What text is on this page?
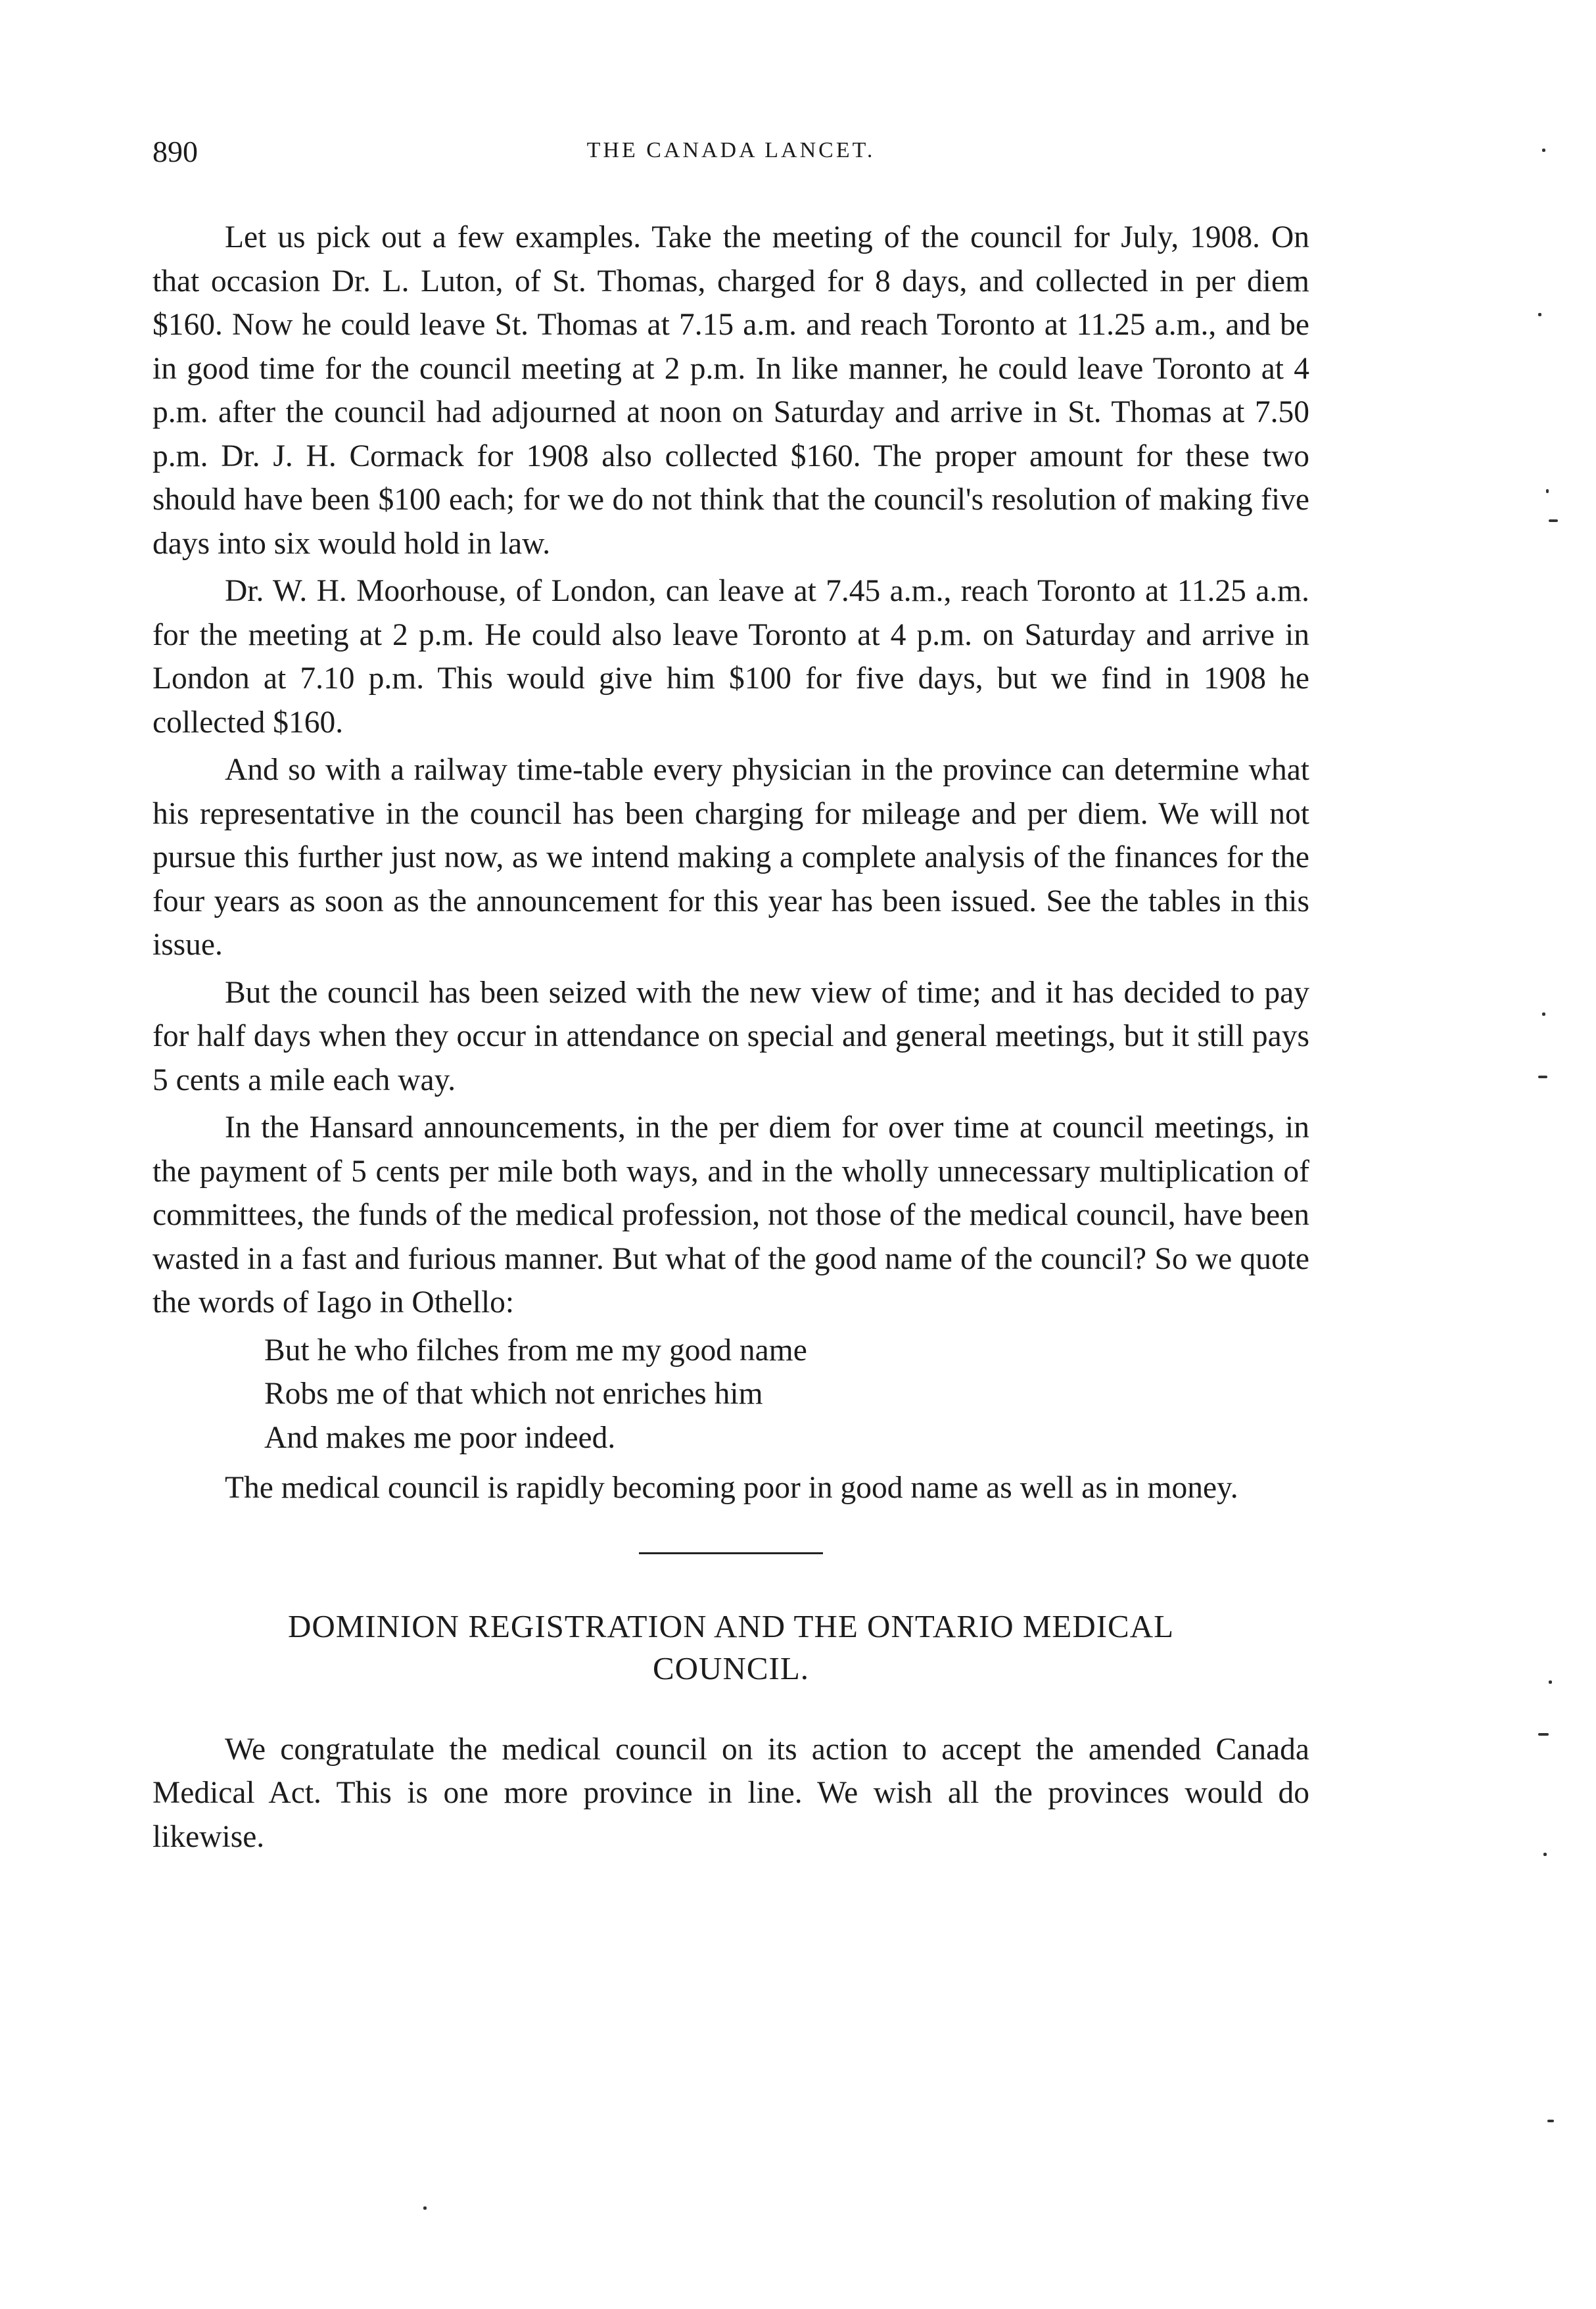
890	THE CANADA LANCET.

Let us pick out a few examples. Take the meeting of the council for July, 1908. On that occasion Dr. L. Luton, of St. Thomas, charged for 8 days, and collected in per diem $160. Now he could leave St. Thomas at 7.15 a.m. and reach Toronto at 11.25 a.m., and be in good time for the council meeting at 2 p.m. In like manner, he could leave Toronto at 4 p.m. after the council had adjourned at noon on Saturday and arrive in St. Thomas at 7.50 p.m. Dr. J. H. Cormack for 1908 also collected $160. The proper amount for these two should have been $100 each; for we do not think that the council's resolution of making five days into six would hold in law.

Dr. W. H. Moorhouse, of London, can leave at 7.45 a.m., reach Toronto at 11.25 a.m. for the meeting at 2 p.m. He could also leave Toronto at 4 p.m. on Saturday and arrive in London at 7.10 p.m. This would give him $100 for five days, but we find in 1908 he collected $160.

And so with a railway time-table every physician in the province can determine what his representative in the council has been charging for mileage and per diem. We will not pursue this further just now, as we intend making a complete analysis of the finances for the four years as soon as the announcement for this year has been issued. See the tables in this issue.

But the council has been seized with the new view of time; and it has decided to pay for half days when they occur in attendance on special and general meetings, but it still pays 5 cents a mile each way.

In the Hansard announcements, in the per diem for over time at council meetings, in the payment of 5 cents per mile both ways, and in the wholly unnecessary multiplication of committees, the funds of the medical profession, not those of the medical council, have been wasted in a fast and furious manner. But what of the good name of the council? So we quote the words of Iago in Othello:

But he who filches from me my good name
Robs me of that which not enriches him
And makes me poor indeed.

The medical council is rapidly becoming poor in good name as well as in money.

DOMINION REGISTRATION AND THE ONTARIO MEDICAL
COUNCIL.

We congratulate the medical council on its action to accept the amended Canada Medical Act. This is one more province in line. We wish all the provinces would do likewise.
